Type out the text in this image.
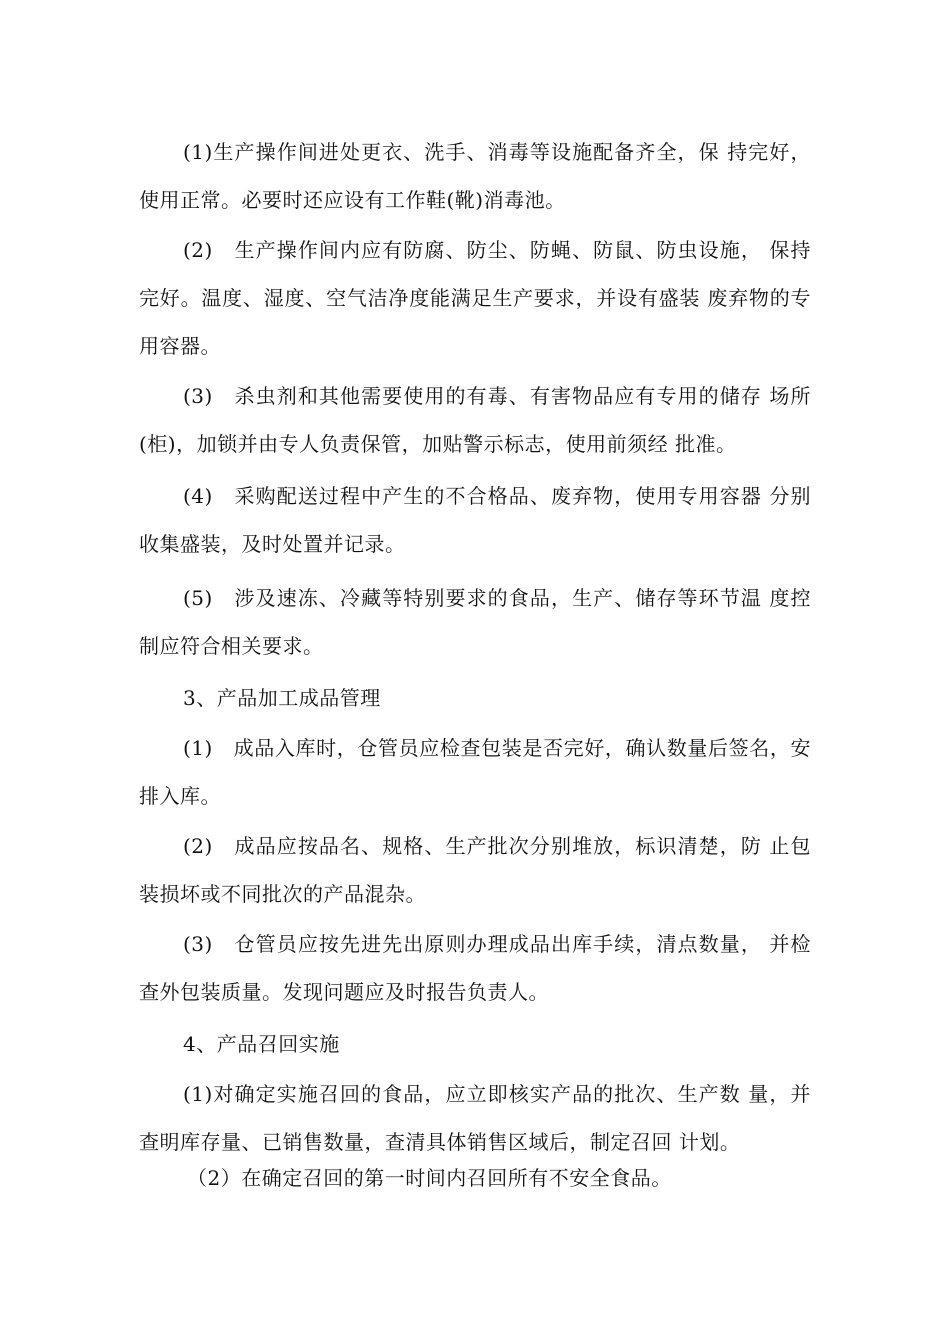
(1)生产操作间进处更衣、洗手、消毒等设施配备齐全，保 持完好，使用正常。必要时还应设有工作鞋(靴)消毒池。

(2)　生产操作间内应有防腐、防尘、防蝇、防鼠、防虫设施， 保持完好。温度、湿度、空气洁净度能满足生产要求，并设有盛装 废弃物的专用容器。

(3)　杀虫剂和其他需要使用的有毒、有害物品应有专用的储存 场所(柜)，加锁并由专人负责保管，加贴警示标志，使用前须经 批准。

(4)　采购配送过程中产生的不合格品、废弃物，使用专用容器 分别收集盛装，及时处置并记录。

(5)　涉及速冻、冷藏等特别要求的食品，生产、储存等环节温 度控制应符合相关要求。

3、产品加工成品管理

(1)　成品入库时，仓管员应检查包装是否完好，确认数量后签名，安排入库。

(2)　成品应按品名、规格、生产批次分别堆放，标识清楚，防 止包装损坏或不同批次的产品混杂。

(3)　仓管员应按先进先出原则办理成品出库手续，清点数量， 并检查外包装质量。发现问题应及时报告负责人。

4、产品召回实施

(1)对确定实施召回的食品，应立即核实产品的批次、生产数 量，并查明库存量、已销售数量，查清具体销售区域后，制定召回 计划。

（2）在确定召回的第一时间内召回所有不安全食品。
